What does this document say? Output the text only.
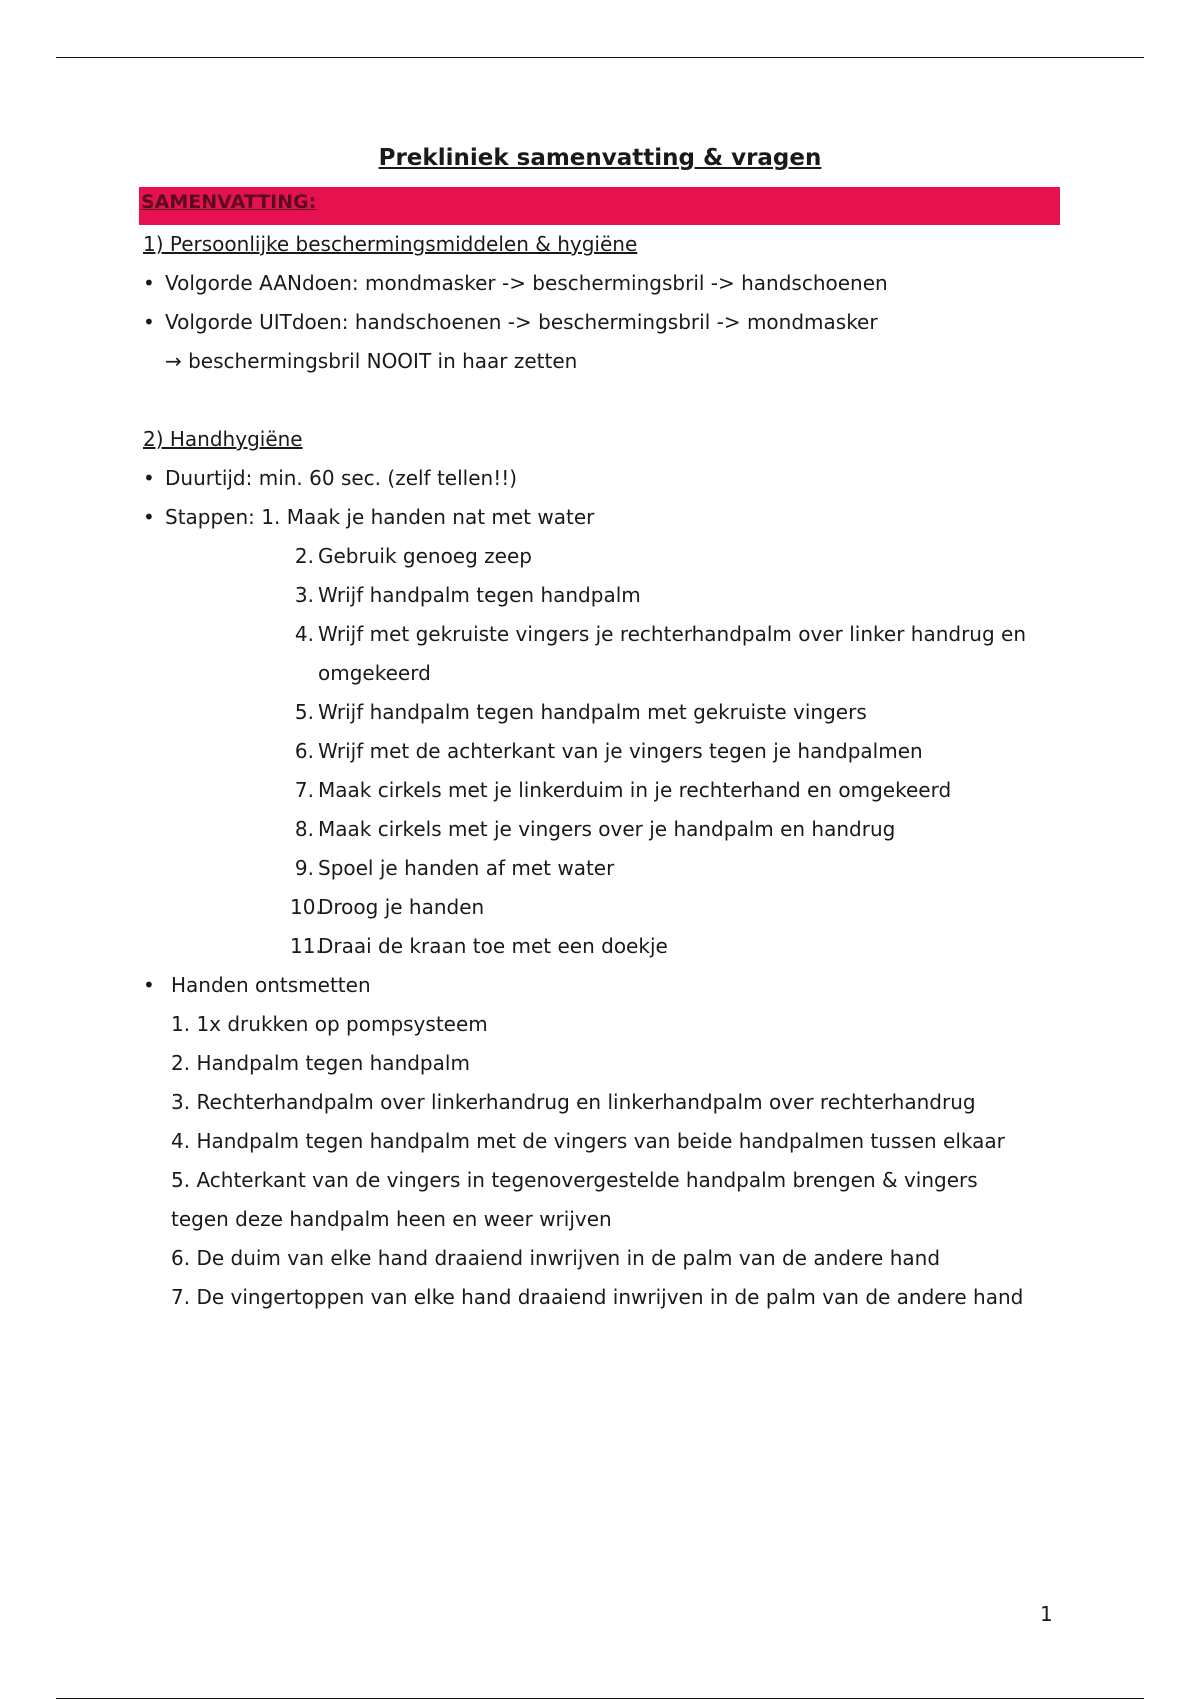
Prekliniek samenvatting & vragen
SAMENVATTING:
1) Persoonlijke beschermingsmiddelen & hygiëne
• Volgorde AANdoen: mondmasker -> beschermingsbril -> handschoenen
• Volgorde UITdoen: handschoenen -> beschermingsbril -> mondmasker
→ beschermingsbril NOOIT in haar zetten
2) Handhygiëne
• Duurtijd: min. 60 sec. (zelf tellen!!)
• Stappen: 1. Maak je handen nat met water
2. Gebruik genoeg zeep
3. Wrijf handpalm tegen handpalm
4. Wrijf met gekruiste vingers je rechterhandpalm over linker handrug en
omgekeerd
5. Wrijf handpalm tegen handpalm met gekruiste vingers
6. Wrijf met de achterkant van je vingers tegen je handpalmen
7. Maak cirkels met je linkerduim in je rechterhand en omgekeerd
8. Maak cirkels met je vingers over je handpalm en handrug
9. Spoel je handen af met water
10.Droog je handen
11.Draai de kraan toe met een doekje
• Handen ontsmetten
1. 1x drukken op pompsysteem
2. Handpalm tegen handpalm
3. Rechterhandpalm over linkerhandrug en linkerhandpalm over rechterhandrug
4. Handpalm tegen handpalm met de vingers van beide handpalmen tussen elkaar
5. Achterkant van de vingers in tegenovergestelde handpalm brengen & vingers
tegen deze handpalm heen en weer wrijven
6. De duim van elke hand draaiend inwrijven in de palm van de andere hand
7. De vingertoppen van elke hand draaiend inwrijven in de palm van de andere hand
1
